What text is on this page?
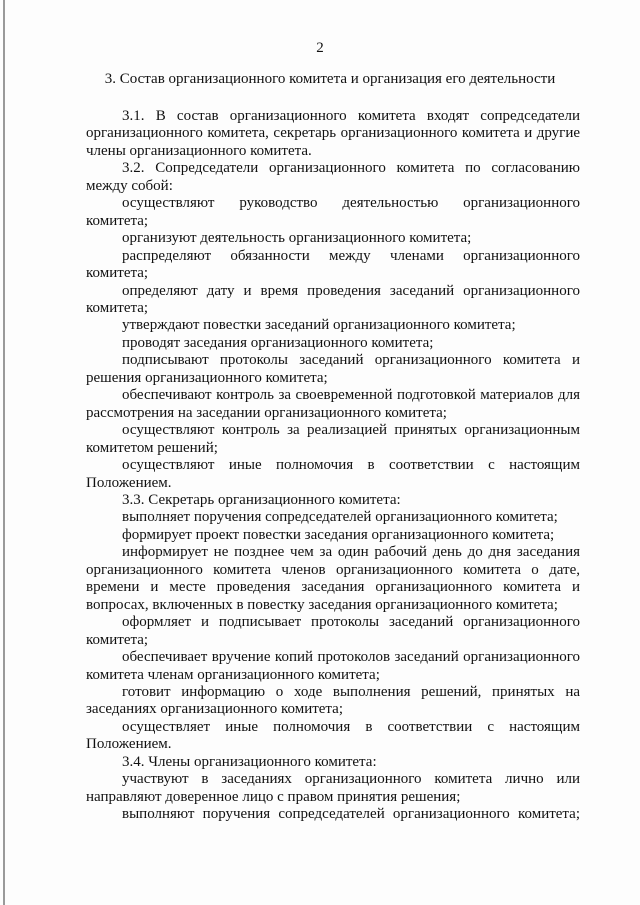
2
3. Состав организационного комитета и организация его деятельности

3.1. В состав организационного комитета входят сопредседатели организационного комитета, секретарь организационного комитета и другие члены организационного комитета.

3.2. Сопредседатели организационного комитета по согласованию между собой:

осуществляют руководство деятельностью организационного комитета;

организуют деятельность организационного комитета;

распределяют обязанности между членами организационного комитета;

определяют дату и время проведения заседаний организационного комитета;

утверждают повестки заседаний организационного комитета;

проводят заседания организационного комитета;

подписывают протоколы заседаний организационного комитета и решения организационного комитета;

обеспечивают контроль за своевременной подготовкой материалов для рассмотрения на заседании организационного комитета;

осуществляют контроль за реализацией принятых организационным комитетом решений;

осуществляют иные полномочия в соответствии с настоящим Положением.

3.3. Секретарь организационного комитета:

выполняет поручения сопредседателей организационного комитета;

формирует проект повестки заседания организационного комитета;

информирует не позднее чем за один рабочий день до дня заседания организационного комитета членов организационного комитета о дате, времени и месте проведения заседания организационного комитета и вопросах, включенных в повестку заседания организационного комитета;

оформляет и подписывает протоколы заседаний организационного комитета;

обеспечивает вручение копий протоколов заседаний организационного комитета членам организационного комитета;

готовит информацию о ходе выполнения решений, принятых на заседаниях организационного комитета;

осуществляет иные полномочия в соответствии с настоящим Положением.

3.4. Члены организационного комитета:

участвуют в заседаниях организационного комитета лично или направляют доверенное лицо с правом принятия решения;

выполняют поручения сопредседателей организационного комитета;
